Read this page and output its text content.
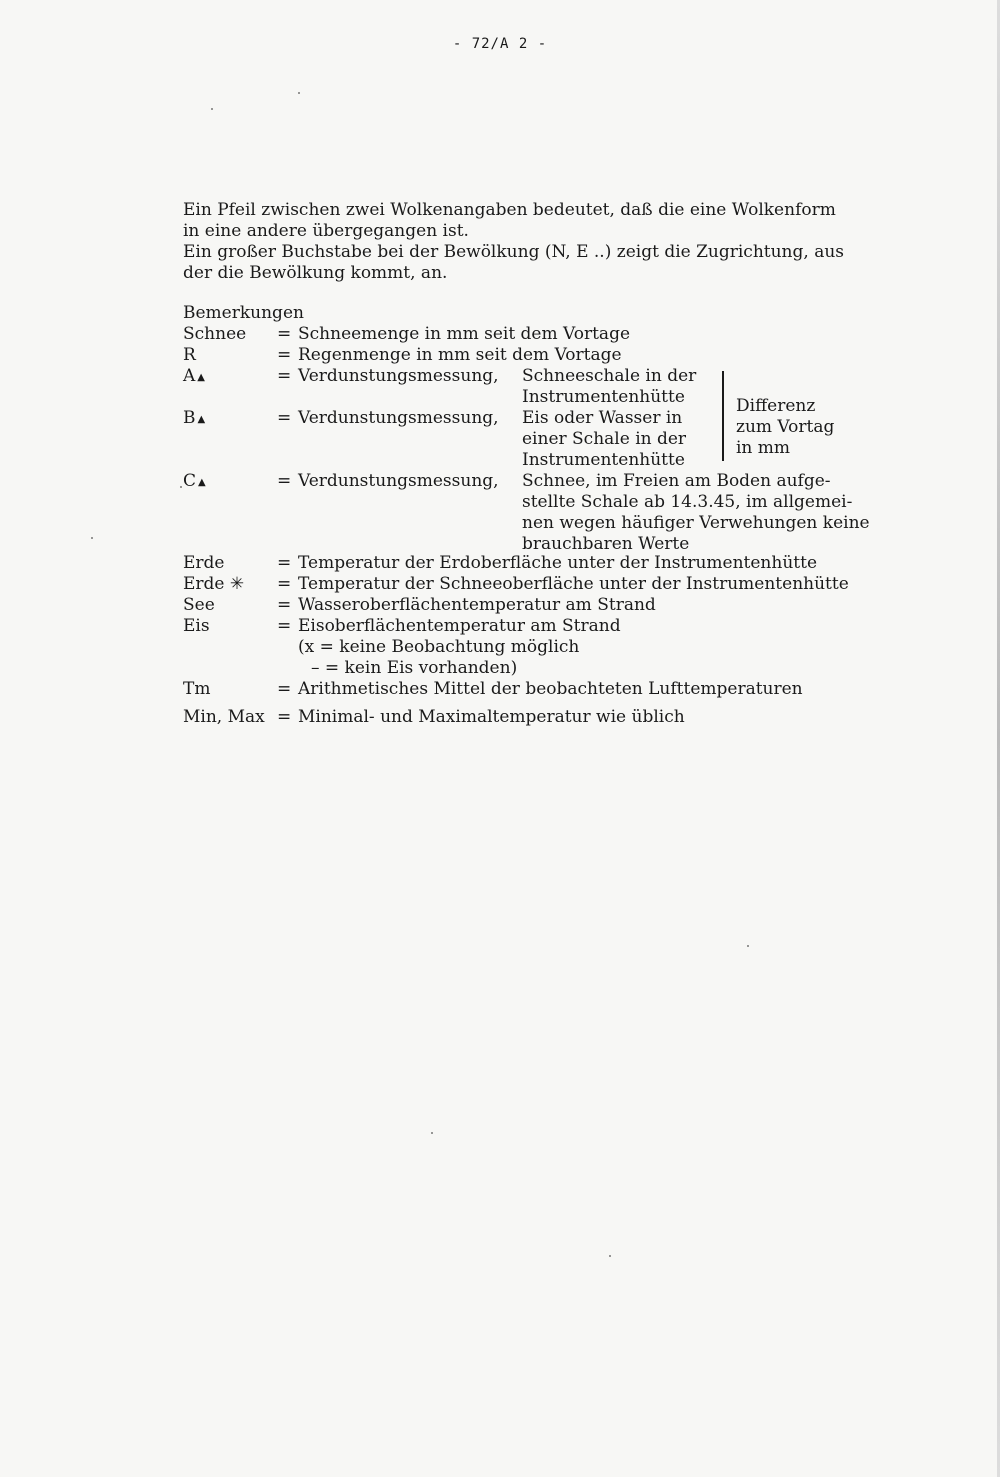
- 72/A 2 -

Ein Pfeil zwischen zwei Wolkenangaben bedeutet, daß die eine Wolkenform

in eine andere übergegangen ist.

Ein großer Buchstabe bei der Bewölkung (N, E ..) zeigt die Zugrichtung, aus

der die Bewölkung kommt, an.

Bemerkungen
Schnee = Schneemenge in mm seit dem Vortage
R	= Regenmenge in mm seit dem Vortage
A ▲	= Verdunstungsmessung, Schneeschale in der
Instrumentenhütte
B ▲	= Verdunstungsmessung, Eis oder Wasser in
einer Schale in der
Instrumentenhütte
Differenz
zum Vortag
in mm
C ▲	= Verdunstungsmessung, Schnee, im Freien am Boden aufge-
stellte Schale ab 14.3.45, im allgemei-
nen wegen häufiger Verwehungen keine
brauchbaren Werte
Erde	= Temperatur der Erdoberfläche unter der Instrumentenhütte
Erde ✳ = Temperatur der Schneeoberfläche unter der Instrumentenhütte
See	= Wasseroberflächentemperatur am Strand
Eis	= Eisoberflächentemperatur am Strand
(x = keine Beobachtung möglich
– = kein Eis vorhanden)
Tm	= Arithmetisches Mittel der beobachteten Lufttemperaturen
Min, Max = Minimal- und Maximaltemperatur wie üblich
